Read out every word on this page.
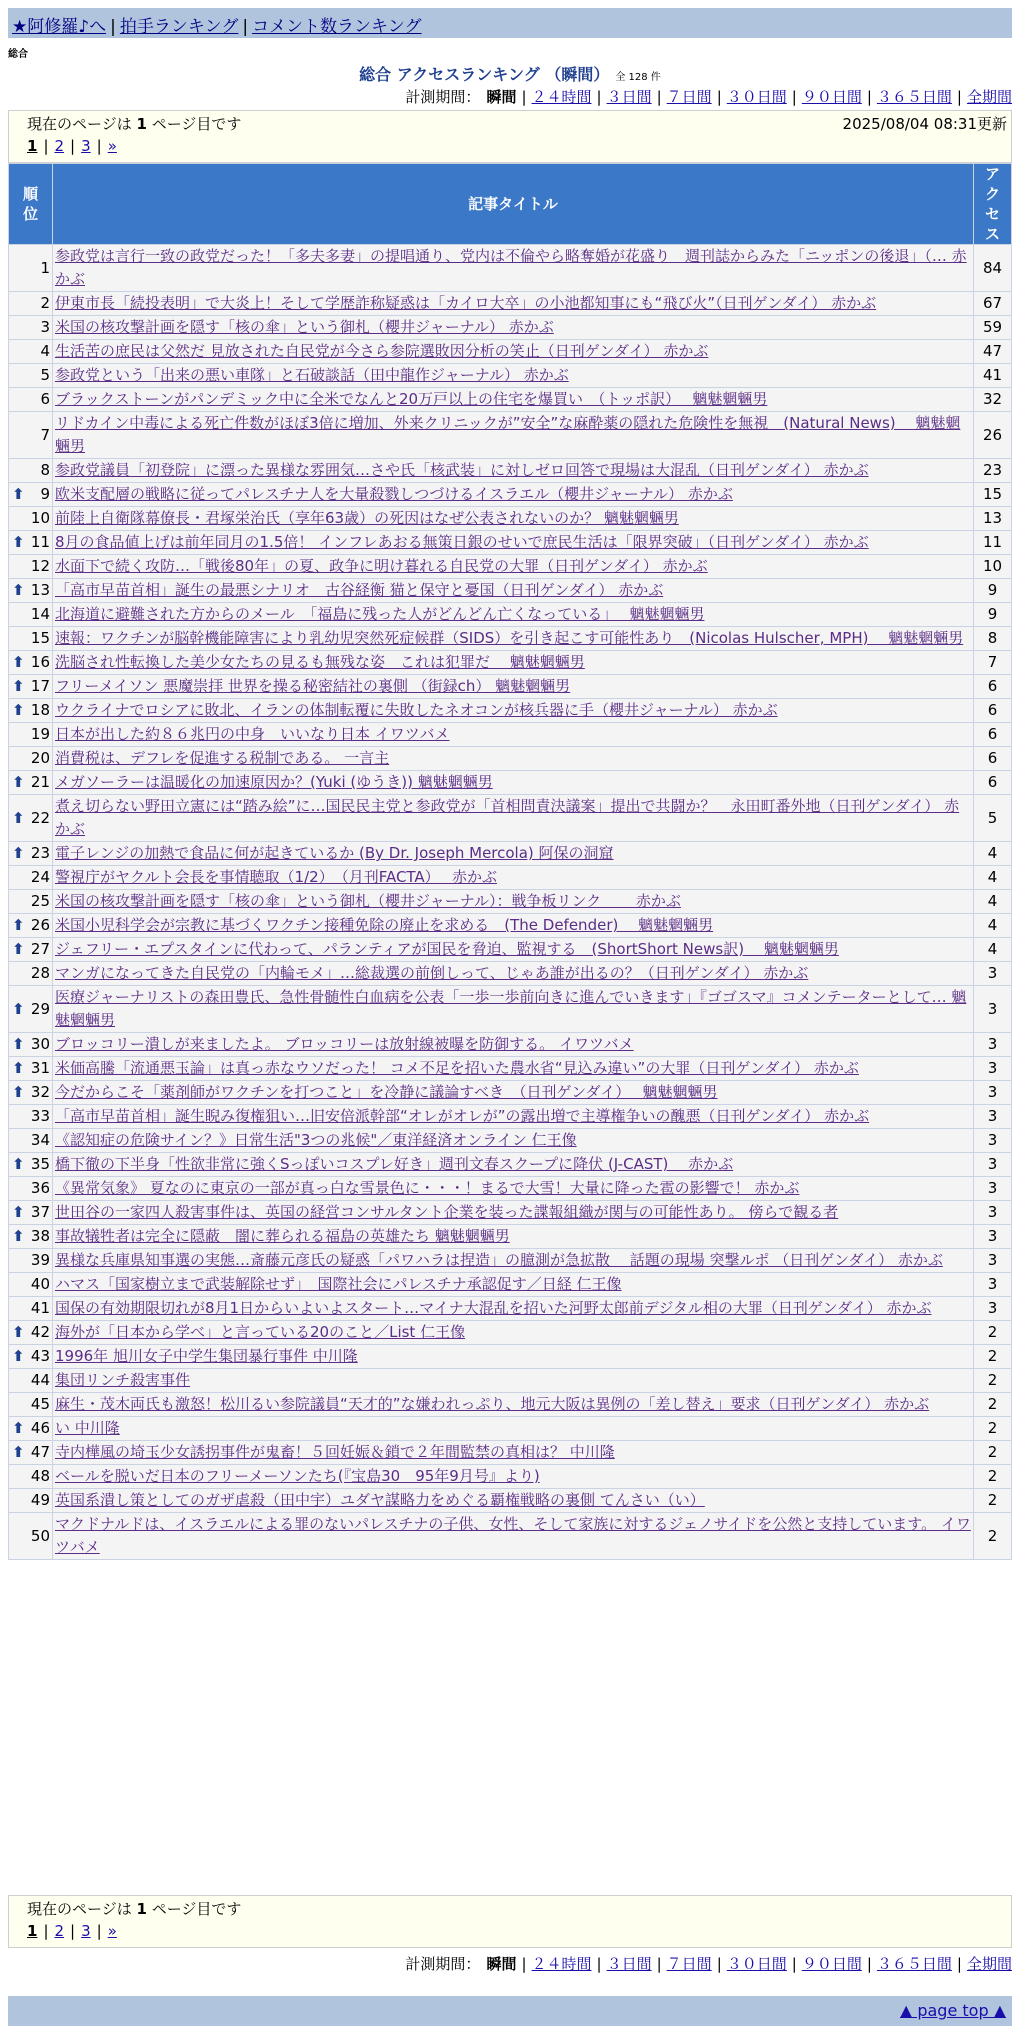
★阿修羅♪へ | 拍手ランキング | コメント数ランキング
総合
総合 アクセスランキング （瞬間） 全 128 件
計測期間： 瞬間 | ２４時間 | ３日間 | ７日間 | ３０日間 | ９０日間 | ３６５日間 | 全期間
現在のページは 1 ページ目です	2025/08/04 08:31更新
1 | 2 | 3 | »
順位	記事タイトル	アクセス
1	参政党は言行一致の政党だった！「多夫多妻」の提唱通り、党内は不倫やら略奪婚が花盛り　週刊誌からみた「ニッポンの後退」（… 赤かぶ	84
2	伊東市長「続投表明」で大炎上！そして学歴詐称疑惑は「カイロ大卒」の小池都知事にも“飛び火”（日刊ゲンダイ） 赤かぶ	67
3	米国の核攻撃計画を隠す「核の傘」という御札（櫻井ジャーナル） 赤かぶ	59
4	生活苦の庶民は父然だ 見放された自民党が今さら参院選敗因分析の笑止（日刊ゲンダイ） 赤かぶ	47
5	参政党という「出来の悪い車隊」と石破談話（田中龍作ジャーナル） 赤かぶ	41
6	ブラックストーンがパンデミック中に全米でなんと20万戸以上の住宅を爆買い　（トッポ訳）　 魑魅魍魎男	32
7	リドカイン中毒による死亡件数がほぼ3倍に増加、外来クリニックが”安全”な麻酔薬の隠れた危険性を無視　(Natural News)　 魑魅魍魎男	26
8	参政党議員「初登院」に漂った異様な雰囲気…さや氏「核武装」に対しゼロ回答で現場は大混乱（日刊ゲンダイ） 赤かぶ	23

⬆ 9	欧米支配層の戦略に従ってパレスチナ人を大量殺戮しつづけるイスラエル（櫻井ジャーナル） 赤かぶ	15
10	前陸上自衛隊幕僚長・君塚栄治氏（享年63歳）の死因はなぜ公表されないのか？ 魑魅魍魎男	13

⬆ 11	8月の食品値上げは前年同月の1.5倍！ インフレあおる無策日銀のせいで庶民生活は「限界突破」（日刊ゲンダイ） 赤かぶ	11
12	水面下で続く攻防…「戦後80年」の夏、政争に明け暮れる自民党の大罪（日刊ゲンダイ） 赤かぶ	10

⬆ 13	「高市早苗首相」誕生の最悪シナリオ　古谷経衡 猫と保守と憂国（日刊ゲンダイ） 赤かぶ	9
14	北海道に避難された方からのメール　「福島に残った人がどんどん亡くなっている」　 魑魅魍魎男	9
15	速報：ワクチンが脳幹機能障害により乳幼児突然死症候群（SIDS）を引き起こす可能性あり　(Nicolas Hulscher, MPH)　 魑魅魍魎男	8

⬆ 16	洗脳され性転換した美少女たちの見るも無残な姿　これは犯罪だ　 魑魅魍魎男	7

⬆ 17	フリーメイソン 悪魔崇拝 世界を操る秘密結社の裏側 （街録ch） 魑魅魍魎男	6

⬆ 18	ウクライナでロシアに敗北、イランの体制転覆に失敗したネオコンが核兵器に手（櫻井ジャーナル） 赤かぶ	6
19	日本が出した約８６兆円の中身　いいなり日本 イワツバメ	6
20	消費税は、デフレを促進する税制である。 一言主	6

⬆ 21	メガソーラーは温暖化の加速原因か？(Yuki (ゆうき)) 魑魅魍魎男	6

⬆ 22	煮え切らない野田立憲には“踏み絵”に…国民民主党と参政党が「首相問責決議案」提出で共闘か？　永田町番外地（日刊ゲンダイ） 赤かぶ	5

⬆ 23	電子レンジの加熱で食品に何が起きているか (By Dr. Joseph Mercola) 阿保の洞窟	4
24	警視庁がヤクルト会長を事情聴取（1/2）　（月刊FACTA）　 赤かぶ	4
25	米国の核攻撃計画を隠す「核の傘」という御札（櫻井ジャーナル）：戦争板リンク　　 赤かぶ	4

⬆ 26	米国小児科学会が宗教に基づくワクチン接種免除の廃止を求める　(The Defender)　 魑魅魍魎男	4

⬆ 27	ジェフリー・エプスタインに代わって、パランティアが国民を脅迫、監視する　(ShortShort News訳)　 魑魅魍魎男	4
28	マンガになってきた自民党の「内輪モメ」…総裁選の前倒しって、じゃあ誰が出るの？（日刊ゲンダイ） 赤かぶ	3

⬆ 29	医療ジャーナリストの森田豊氏、急性骨髄性白血病を公表「一歩一歩前向きに進んでいきます」『ゴゴスマ』コメンテーターとして… 魑魅魍魎男	3

⬆ 30	ブロッコリー潰しが来ましたよ。 ブロッコリーは放射線被曝を防御する。 イワツバメ	3

⬆ 31	米価高騰「流通悪玉論」は真っ赤なウソだった！ コメ不足を招いた農水省“見込み違い”の大罪（日刊ゲンダイ） 赤かぶ	3

⬆ 32	今だからこそ「薬剤師がワクチンを打つこと」を冷静に議論すべき　（日刊ゲンダイ）　 魑魅魍魎男	3
33	「高市早苗首相」誕生睨み復権狙い…旧安倍派幹部“オレがオレが”の露出増で主導権争いの醜悪（日刊ゲンダイ） 赤かぶ	3
34	《認知症の危険サイン？》日常生活"3つの兆候"／東洋経済オンライン 仁王像	3

⬆ 35	橋下徹の下半身「性欲非常に強くSっぽいコスプレ好き」週刊文春スクープに降伏 (J-CAST)　 赤かぶ	3
36	《異常気象》 夏なのに東京の一部が真っ白な雪景色に・・・！まるで大雪！大量に降った雹の影響で！ 赤かぶ	3

⬆ 37	世田谷の一家四人殺害事件は、英国の経営コンサルタント企業を装った諜報組織が関与の可能性あり。 傍らで観る者	3

⬆ 38	事故犠牲者は完全に隠蔽　闇に葬られる福島の英雄たち 魑魅魍魎男	3
39	異様な兵庫県知事選の実態…斎藤元彦氏の疑惑「パワハラは捏造」の臆測が急拡散　 話題の現場 突撃ルポ （日刊ゲンダイ） 赤かぶ	3
40	ハマス「国家樹立まで武装解除せず」　国際社会にパレスチナ承認促す／日経 仁王像	3
41	国保の有効期限切れが8月1日からいよいよスタート…マイナ大混乱を招いた河野太郎前デジタル相の大罪（日刊ゲンダイ） 赤かぶ	3

⬆ 42	海外が「日本から学べ」と言っている20のこと／List 仁王像	2

⬆ 43	1996年 旭川女子中学生集団暴行事件 中川隆	2
44	集団リンチ殺害事件	2
45	麻生・茂木両氏も激怒！松川るい参院議員“天才的”な嫌われっぷり、地元大阪は異例の「差し替え」要求（日刊ゲンダイ） 赤かぶ	2

⬆ 46	い 中川隆	2

⬆ 47	寺内樺風の埼玉少女誘拐事件が鬼畜！５回妊娠＆鎖で２年間監禁の真相は？ 中川隆	2
48	ベールを脱いだ日本のフリーメーソンたち(『宝島30　95年9月号』より)	2
49	英国系潰し策としてのガザ虐殺（田中宇）ユダヤ謀略力をめぐる覇権戦略の裏側 てんさい（い）	2
50	マクドナルドは、イスラエルによる罪のないパレスチナの子供、女性、そして家族に対するジェノサイドを公然と支持しています。 イワツバメ	2
現在のページは 1 ページ目です
1 | 2 | 3 | »
計測期間： 瞬間 | ２４時間 | ３日間 | ７日間 | ３０日間 | ９０日間 | ３６５日間 | 全期間
▲ page top ▲
